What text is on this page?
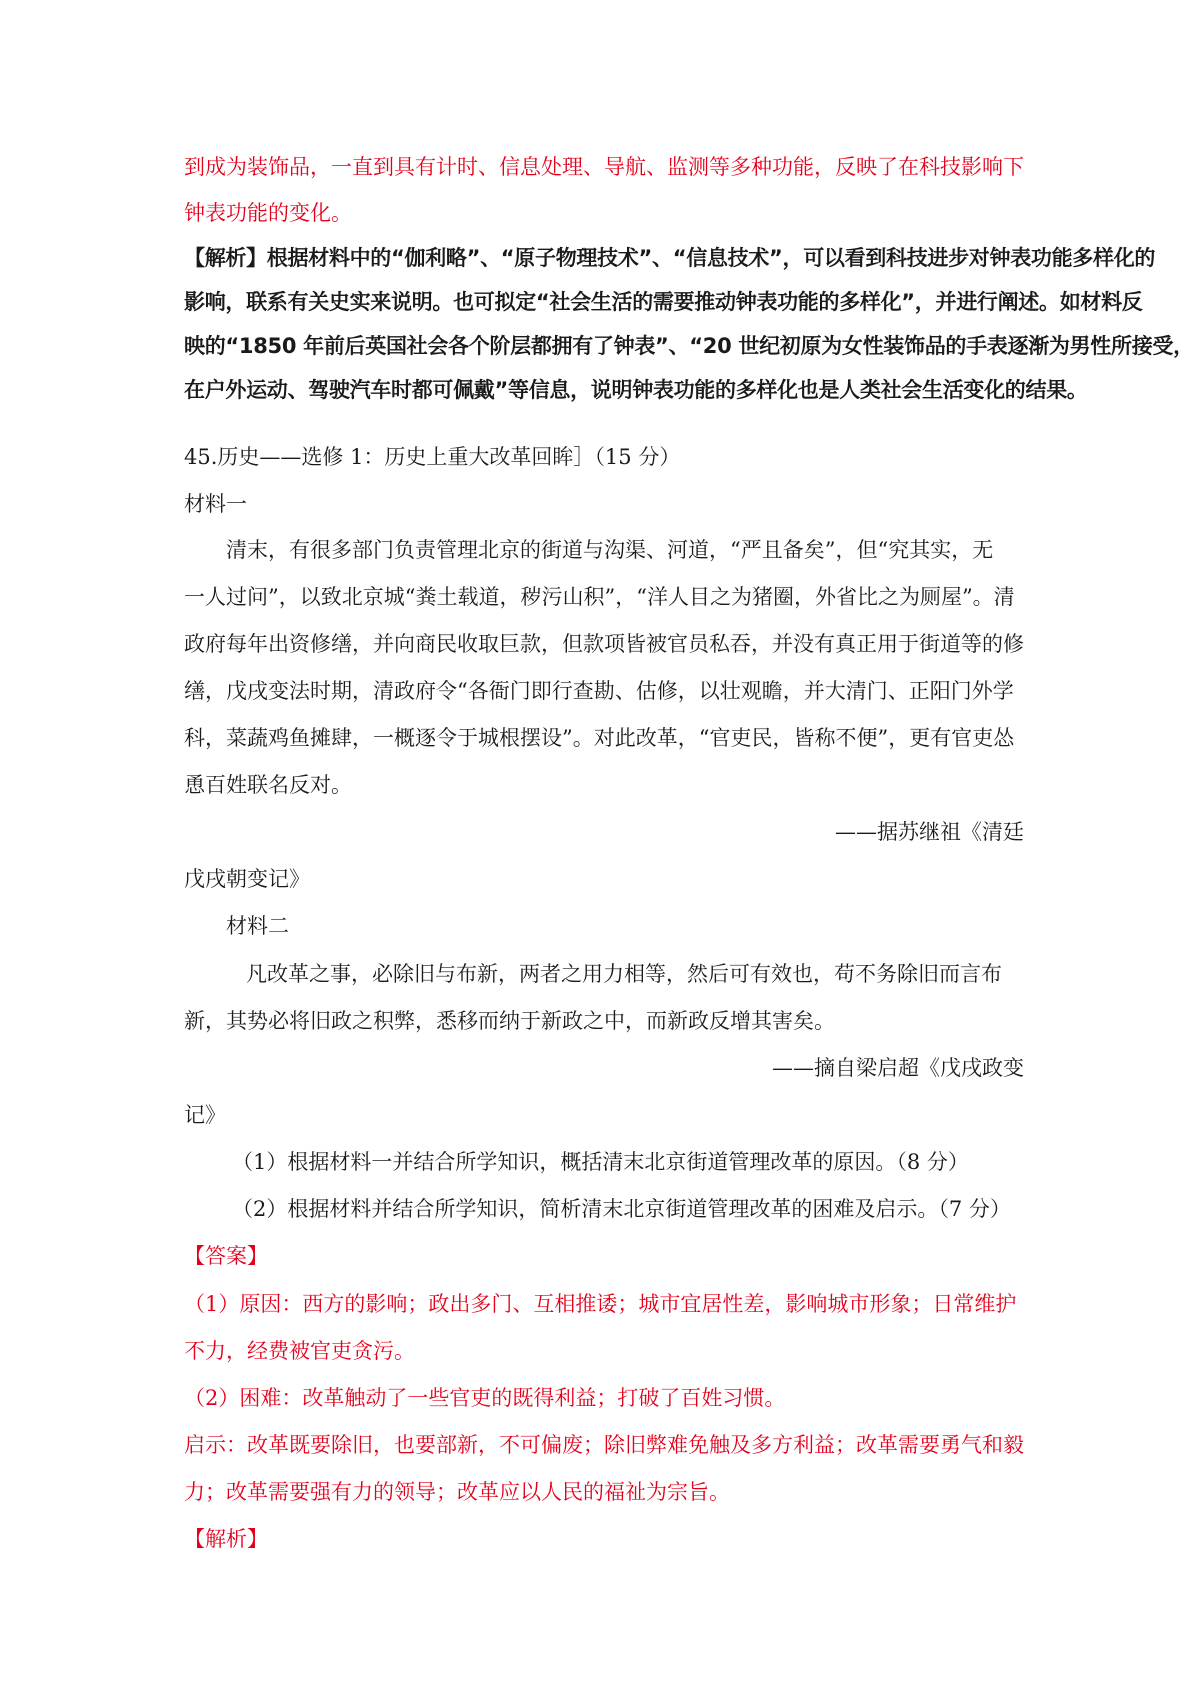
到成为装饰品，一直到具有计时、信息处理、导航、监测等多种功能，反映了在科技影响下
钟表功能的变化。
【解析】根据材料中的“伽利略”、“原子物理技术”、“信息技术”，可以看到科技进步对钟表功能多样化的
影响，联系有关史实来说明。也可拟定“社会生活的需要推动钟表功能的多样化”，并进行阐述。如材料反
映的“1850 年前后英国社会各个阶层都拥有了钟表”、“20 世纪初原为女性装饰品的手表逐渐为男性所接受，
在户外运动、驾驶汽车时都可佩戴”等信息，说明钟表功能的多样化也是人类社会生活变化的结果。
45.历史——选修 1：历史上重大改革回眸］（15 分）
材料一
清末，有很多部门负责管理北京的街道与沟渠、河道，“严且备矣”，但“究其实，无
一人过问”，以致北京城“粪土载道，秽污山积”，“洋人目之为猪圈，外省比之为厕屋”。清
政府每年出资修缮，并向商民收取巨款，但款项皆被官员私吞，并没有真正用于街道等的修
缮，戊戌变法时期，清政府令“各衙门即行查勘、估修，以壮观瞻，并大清门、正阳门外学
科，菜蔬鸡鱼摊肆，一概逐令于城根摆设”。对此改革，“官吏民，皆称不便”，更有官吏怂
恿百姓联名反对。
——据苏继祖《清廷
戊戌朝变记》
材料二
凡改革之事，必除旧与布新，两者之用力相等，然后可有效也，苟不务除旧而言布
新，其势必将旧政之积弊，悉移而纳于新政之中，而新政反增其害矣。
——摘自梁启超《戊戌政变
记》
（1）根据材料一并结合所学知识，概括清末北京街道管理改革的原因。（8 分）
（2）根据材料并结合所学知识，简析清末北京街道管理改革的困难及启示。（7 分）
【答案】
（1）原因：西方的影响；政出多门、互相推诿；城市宜居性差，影响城市形象；日常维护
不力，经费被官吏贪污。
（2）困难：改革触动了一些官吏的既得利益；打破了百姓习惯。
启示：改革既要除旧，也要部新，不可偏废；除旧弊难免触及多方利益；改革需要勇气和毅
力；改革需要强有力的领导；改革应以人民的福祉为宗旨。
【解析】
